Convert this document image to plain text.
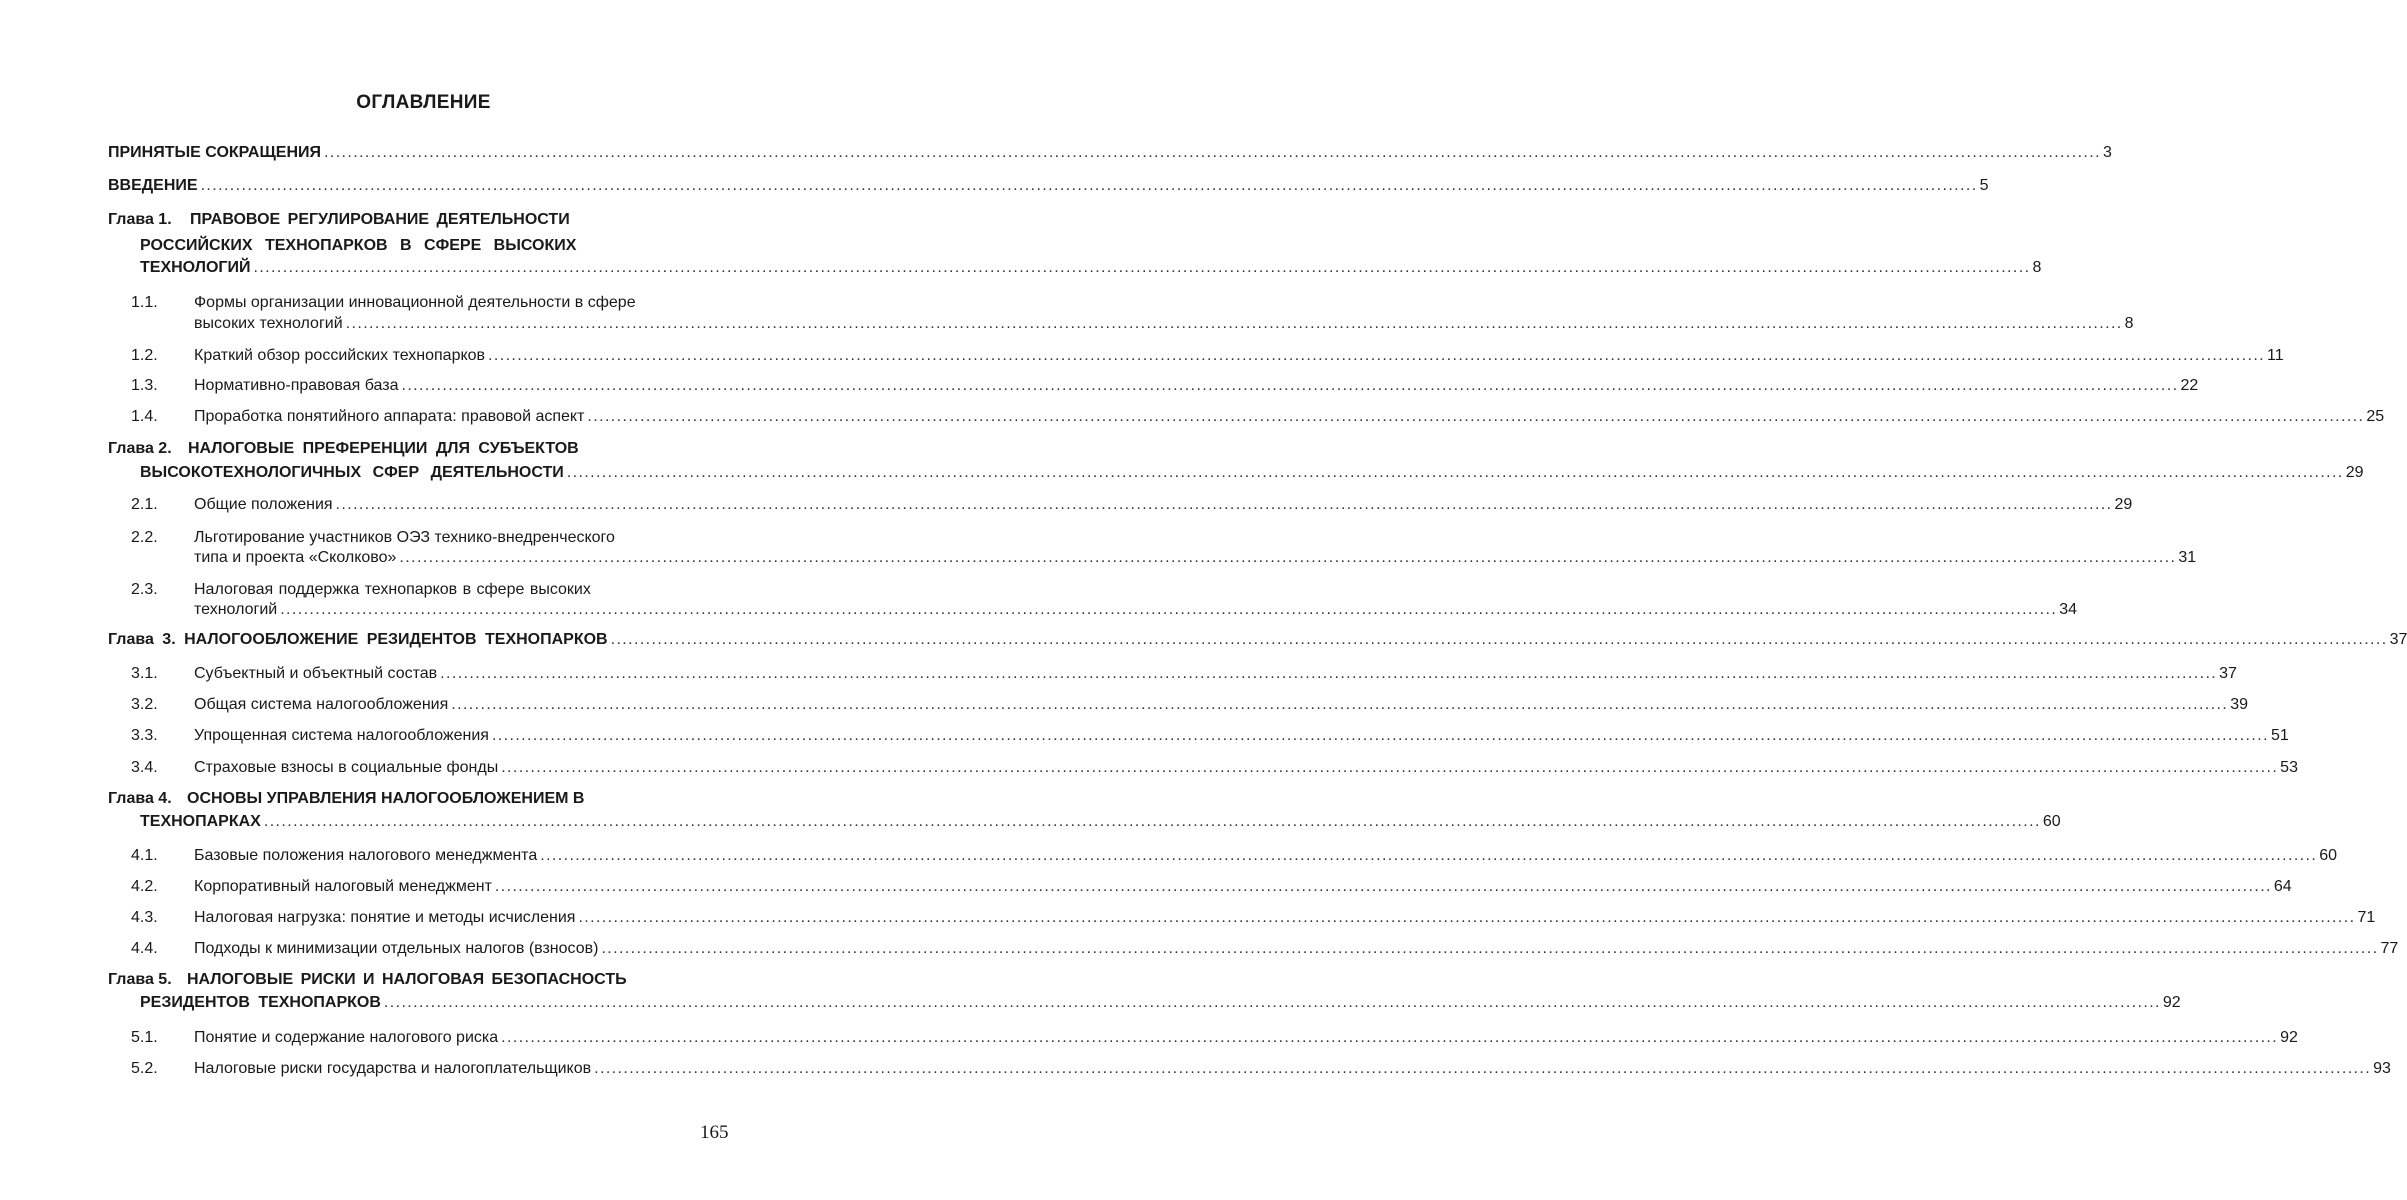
ОГЛАВЛЕНИЕ
ПРИНЯТЫЕ СОКРАЩЕНИЯ .....	3
ВВЕДЕНИЕ .....	5
Глава 1. ПРАВОВОЕ РЕГУЛИРОВАНИЕ ДЕЯТЕЛЬНОСТИ
РОССИЙСКИХ ТЕХНОПАРКОВ В СФЕРЕ ВЫСОКИХ
ТЕХНОЛОГИЙ .....	8
1.1. Формы организации инновационной деятельности в сфере
высоких технологий .....	8
1.2. Краткий обзор российских технопарков .....	11
1.3. Нормативно-правовая база .....	22
1.4. Проработка понятийного аппарата: правовой аспект .....	25
Глава 2. НАЛОГОВЫЕ ПРЕФЕРЕНЦИИ ДЛЯ СУБЪЕКТОВ
ВЫСОКОТЕХНОЛОГИЧНЫХ СФЕР ДЕЯТЕЛЬНОСТИ .....	29
2.1. Общие положения .....	29
2.2. Льготирование участников ОЭЗ технико-внедренческого
типа и проекта «Сколково» .....	31
2.3. Налоговая поддержка технопарков в сфере высоких
технологий .....	34
Глава 3. НАЛОГООБЛОЖЕНИЕ РЕЗИДЕНТОВ ТЕХНОПАРКОВ .....	37
3.1. Субъектный и объектный состав .....	37
3.2. Общая система налогообложения .....	39
3.3. Упрощенная система налогообложения .....	51
3.4. Страховые взносы в социальные фонды .....	53
Глава 4. ОСНОВЫ УПРАВЛЕНИЯ НАЛОГООБЛОЖЕНИЕМ В
ТЕХНОПАРКАХ .....	60
4.1. Базовые положения налогового менеджмента .....	60
4.2. Корпоративный налоговый менеджмент .....	64
4.3. Налоговая нагрузка: понятие и методы исчисления .....	71
4.4. Подходы к минимизации отдельных налогов (взносов) .....	77
Глава 5. НАЛОГОВЫЕ РИСКИ И НАЛОГОВАЯ БЕЗОПАСНОСТЬ
РЕЗИДЕНТОВ ТЕХНОПАРКОВ .....	92
5.1. Понятие и содержание налогового риска .....	92
5.2. Налоговые риски государства и налогоплательщиков .....	93
165
